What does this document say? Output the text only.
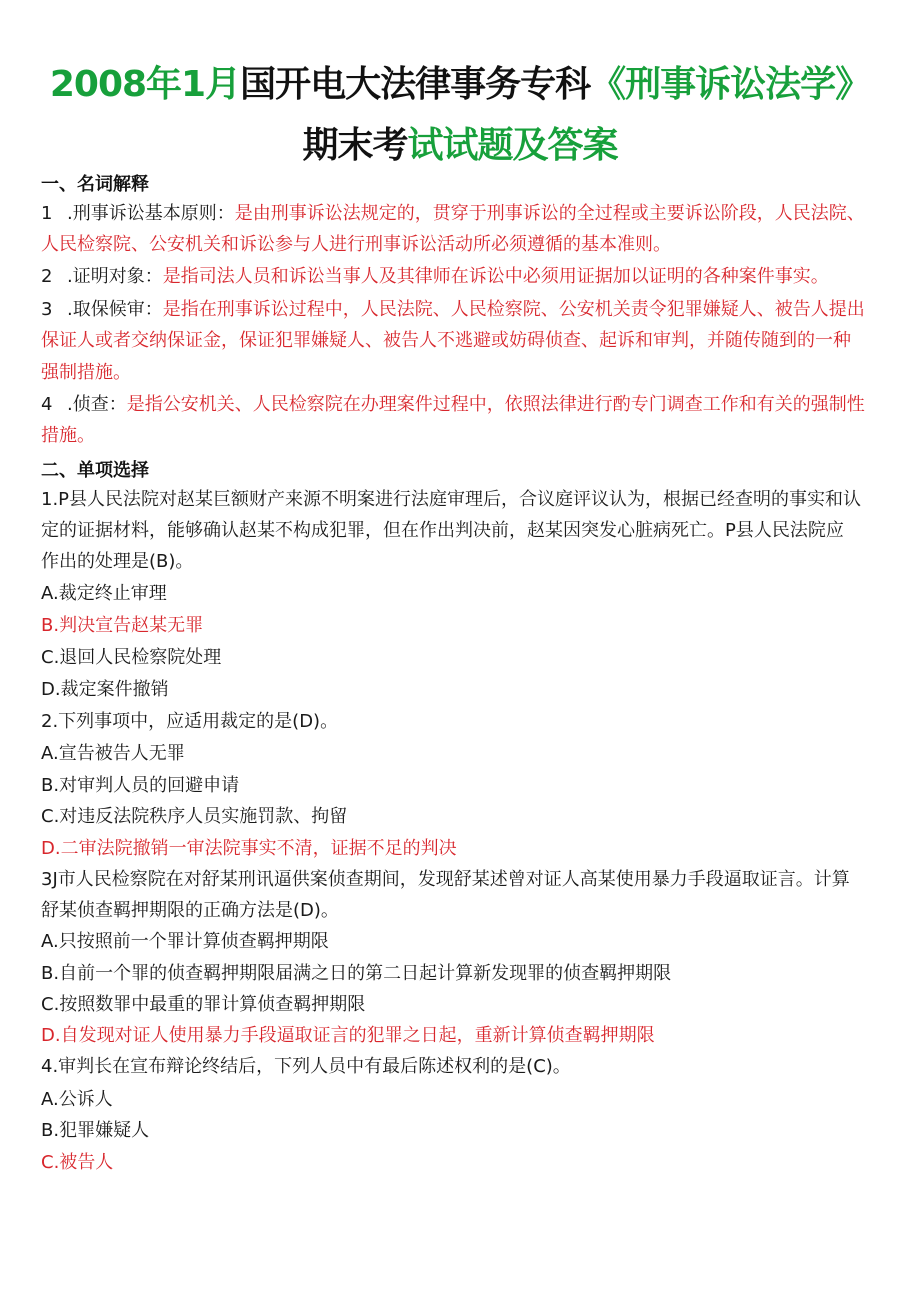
2008年1月国开电大法律事务专科《刑事诉讼法学》
期末考试试题及答案
一、名词解释
1 .刑事诉讼基本原则：是由刑事诉讼法规定的，贯穿于刑事诉讼的全过程或主要诉讼阶段，人民法院、
人民检察院、公安机关和诉讼参与人进行刑事诉讼活动所必须遵循的基本准则。
2 .证明对象：是指司法人员和诉讼当事人及其律师在诉讼中必须用证据加以证明的各种案件事实。
3 .取保候审：是指在刑事诉讼过程中，人民法院、人民检察院、公安机关责令犯罪嫌疑人、被告人提出
保证人或者交纳保证金，保证犯罪嫌疑人、被告人不逃避或妨碍侦查、起诉和审判，并随传随到的一种
强制措施。
4 .侦查：是指公安机关、人民检察院在办理案件过程中，依照法律进行酌专门调查工作和有关的强制性
措施。
二、单项选择
1.P县人民法院对赵某巨额财产来源不明案进行法庭审理后，合议庭评议认为，根据已经查明的事实和认
定的证据材料，能够确认赵某不构成犯罪，但在作出判决前，赵某因突发心脏病死亡。P县人民法院应
作出的处理是(B)。
A.裁定终止审理
B.判决宣告赵某无罪
C.退回人民检察院处理
D.裁定案件撤销
2.下列事项中，应适用裁定的是(D)。
A.宣告被告人无罪
B.对审判人员的回避申请
C.对违反法院秩序人员实施罚款、拘留
D.二审法院撤销一审法院事实不清，证据不足的判决
3J市人民检察院在对舒某刑讯逼供案侦查期间，发现舒某述曾对证人高某使用暴力手段逼取证言。计算
舒某侦查羁押期限的正确方法是(D)。
A.只按照前一个罪计算侦查羁押期限
B.自前一个罪的侦查羁押期限届满之日的第二日起计算新发现罪的侦查羁押期限
C.按照数罪中最重的罪计算侦查羁押期限
D.自发现对证人使用暴力手段逼取证言的犯罪之日起，重新计算侦查羁押期限
4.审判长在宣布辩论终结后，下列人员中有最后陈述权利的是(C)。
A.公诉人
B.犯罪嫌疑人
C.被告人
